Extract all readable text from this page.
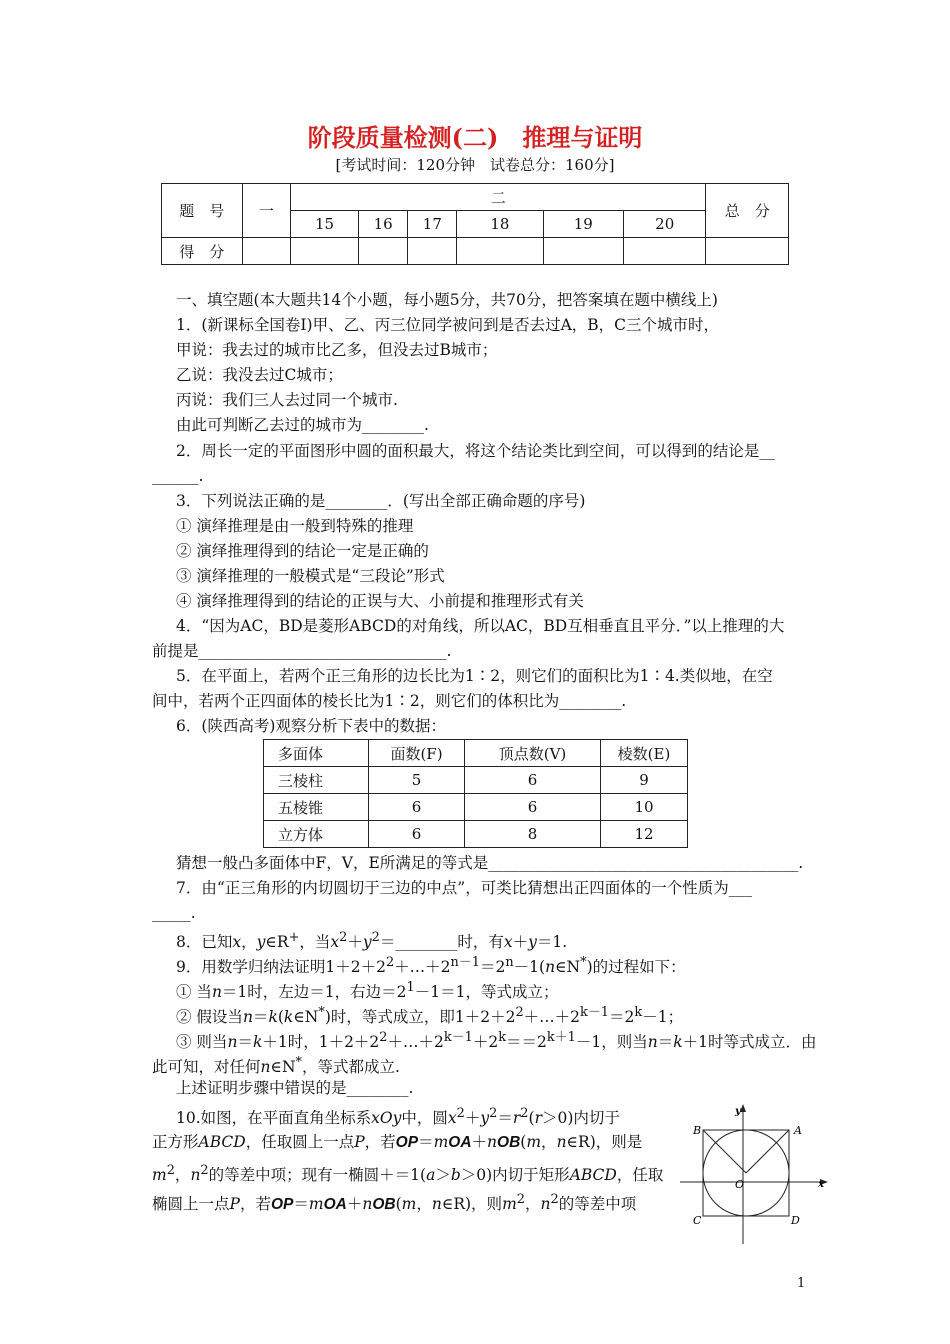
阶段质量检测(二)　推理与证明
[考试时间：120分钟　试卷总分：160分]
题　号	一	二						总　分
		15	16	17	18	19	20	
得　分								
一、填空题(本大题共14个小题，每小题5分，共70分，把答案填在题中横线上)
1．(新课标全国卷Ⅰ)甲、乙、丙三位同学被问到是否去过A，B，C三个城市时，
甲说：我去过的城市比乙多，但没去过B城市；
乙说：我没去过C城市；
丙说：我们三人去过同一个城市.
由此可判断乙去过的城市为________.
2．周长一定的平面图形中圆的面积最大，将这个结论类比到空间，可以得到的结论是__
______.
3．下列说法正确的是________．(写出全部正确命题的序号)
① 演绎推理是由一般到特殊的推理
② 演绎推理得到的结论一定是正确的
③ 演绎推理的一般模式是“三段论”形式
④ 演绎推理得到的结论的正误与大、小前提和推理形式有关
4．“因为AC，BD是菱形ABCD的对角线，所以AC，BD互相垂直且平分．”以上推理的大
前提是________________________________.
5．在平面上，若两个正三角形的边长比为1∶2，则它们的面积比为1∶4.类似地，在空
间中，若两个正四面体的棱长比为1∶2，则它们的体积比为________.
6．(陕西高考)观察分析下表中的数据：
多面体	面数(F)	顶点数(V)	棱数(E)
三棱柱	5	6	9
五棱锥	6	6	10
立方体	6	8	12
猜想一般凸多面体中F，V，E所满足的等式是________________________________________.
7．由“正三角形的内切圆切于三边的中点”，可类比猜想出正四面体的一个性质为___
_____.
8．已知x，y∈R+，当$x^2+y^2=\_\_\_\_\_\_\_\_$时，有x＋y＝1.
9．用数学归纳法证明$1+2+2^2+\dots+2^{n-1}=2^n-1(n\in N^*)$的过程如下：
① 当n＝1时，左边＝1，右边$=2^1-1=1$，等式成立；
② 假设当n＝k(k∈N*)时，等式成立，即$1+2+2^2+\dots+2^{k-1}=2^k-1$；
③ 则当n＝k＋1时，$1+2+2^2+\dots+2^{k-1}+2^k==2^{k+1}-1$，则当n＝k＋1时等式成立．由
此可知，对任何n∈N*，等式都成立.
上述证明步骤中错误的是________.
10.如图，在平面直角坐标系xOy中，圆$x^2+y^2=r^2(r>0)$内切于
正方形ABCD，任取圆上一点P，若OP＝mOA＋nOB(m，n∈R)，则是
$m^2$，$n^2$的等差中项；现有一椭圆＋＝1(a＞b＞0)内切于矩形ABCD，任取
椭圆上一点P，若OP＝mOA＋nOB(m，n∈R)，则$m^2$，$n^2$的等差中项
A
B
C	D
O	x
y
1
